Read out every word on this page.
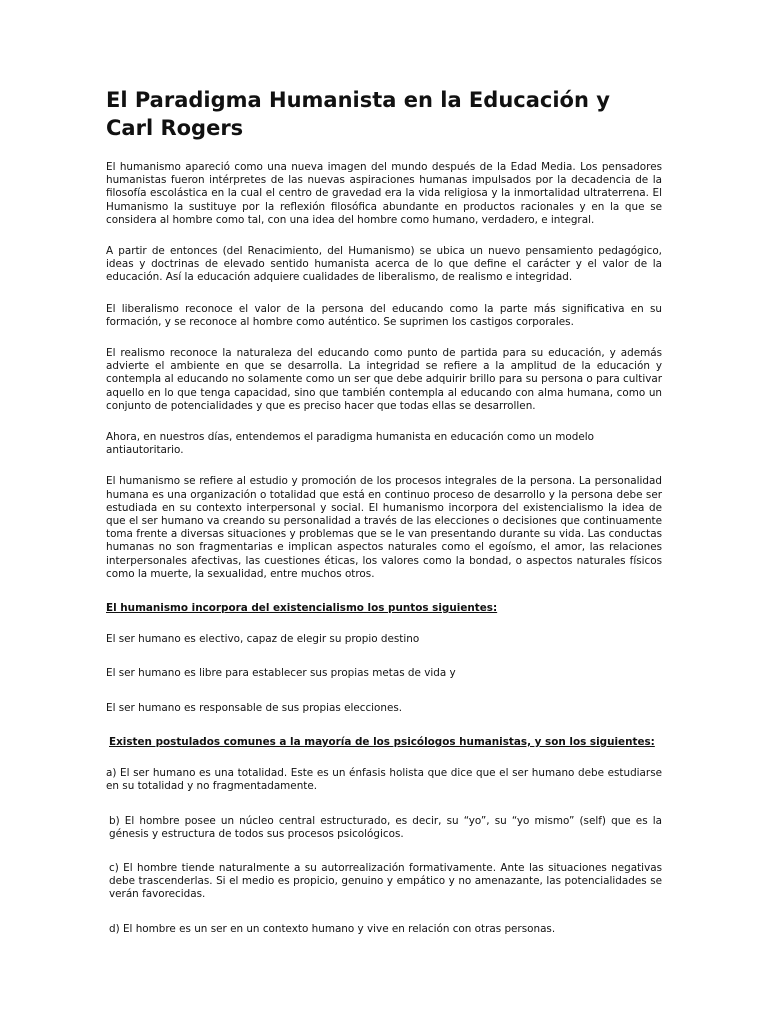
El Paradigma Humanista en la Educación y Carl Rogers

El humanismo apareció como una nueva imagen del mundo después de la Edad Media. Los pensadores humanistas fueron intérpretes de las nuevas aspiraciones humanas impulsados por la decadencia de la filosofía escolástica en la cual el centro de gravedad era la vida religiosa y la inmortalidad ultraterrena. El Humanismo la sustituye por la reflexión filosófica abundante en productos racionales y en la que se considera al hombre como tal, con una idea del hombre como humano, verdadero, e integral.

A partir de entonces (del Renacimiento, del Humanismo) se ubica un nuevo pensamiento pedagógico, ideas y doctrinas de elevado sentido humanista acerca de lo que define el carácter y el valor de la educación. Así la educación adquiere cualidades de liberalismo, de realismo e integridad.

El liberalismo reconoce el valor de la persona del educando como la parte más significativa en su formación, y se reconoce al hombre como auténtico. Se suprimen los castigos corporales.

El realismo reconoce la naturaleza del educando como punto de partida para su educación, y además advierte el ambiente en que se desarrolla. La integridad se refiere a la amplitud de la educación y contempla al educando no solamente como un ser que debe adquirir brillo para su persona o para cultivar aquello en lo que tenga capacidad, sino que también contempla al educando con alma humana, como un conjunto de potencialidades y que es preciso hacer que todas ellas se desarrollen.

Ahora, en nuestros días, entendemos el paradigma humanista en educación como un modelo antiautoritario.

El humanismo se refiere al estudio y promoción de los procesos integrales de la persona. La personalidad humana es una organización o totalidad que está en continuo proceso de desarrollo y la persona debe ser estudiada en su contexto interpersonal y social. El humanismo incorpora del existencialismo la idea de que el ser humano va creando su personalidad a través de las elecciones o decisiones que continuamente toma frente a diversas situaciones y problemas que se le van presentando durante su vida. Las conductas humanas no son fragmentarias e implican aspectos naturales como el egoísmo, el amor, las relaciones interpersonales afectivas, las cuestiones éticas, los valores como la bondad, o aspectos naturales físicos como la muerte, la sexualidad, entre muchos otros.

El humanismo incorpora del existencialismo los puntos siguientes:

El ser humano es electivo, capaz de elegir su propio destino

El ser humano es libre para establecer sus propias metas de vida y

El ser humano es responsable de sus propias elecciones.

Existen postulados comunes a la mayoría de los psicólogos humanistas, y son los siguientes:

a) El ser humano es una totalidad. Este es un énfasis holista que dice que el ser humano debe estudiarse en su totalidad y no fragmentadamente.

b) El hombre posee un núcleo central estructurado, es decir, su “yo”, su “yo mismo” (self) que es la génesis y estructura de todos sus procesos psicológicos.

c) El hombre tiende naturalmente a su autorrealización formativamente. Ante las situaciones negativas debe trascenderlas. Si el medio es propicio, genuino y empático y no amenazante, las potencialidades se verán favorecidas.

d) El hombre es un ser en un contexto humano y vive en relación con otras personas.
